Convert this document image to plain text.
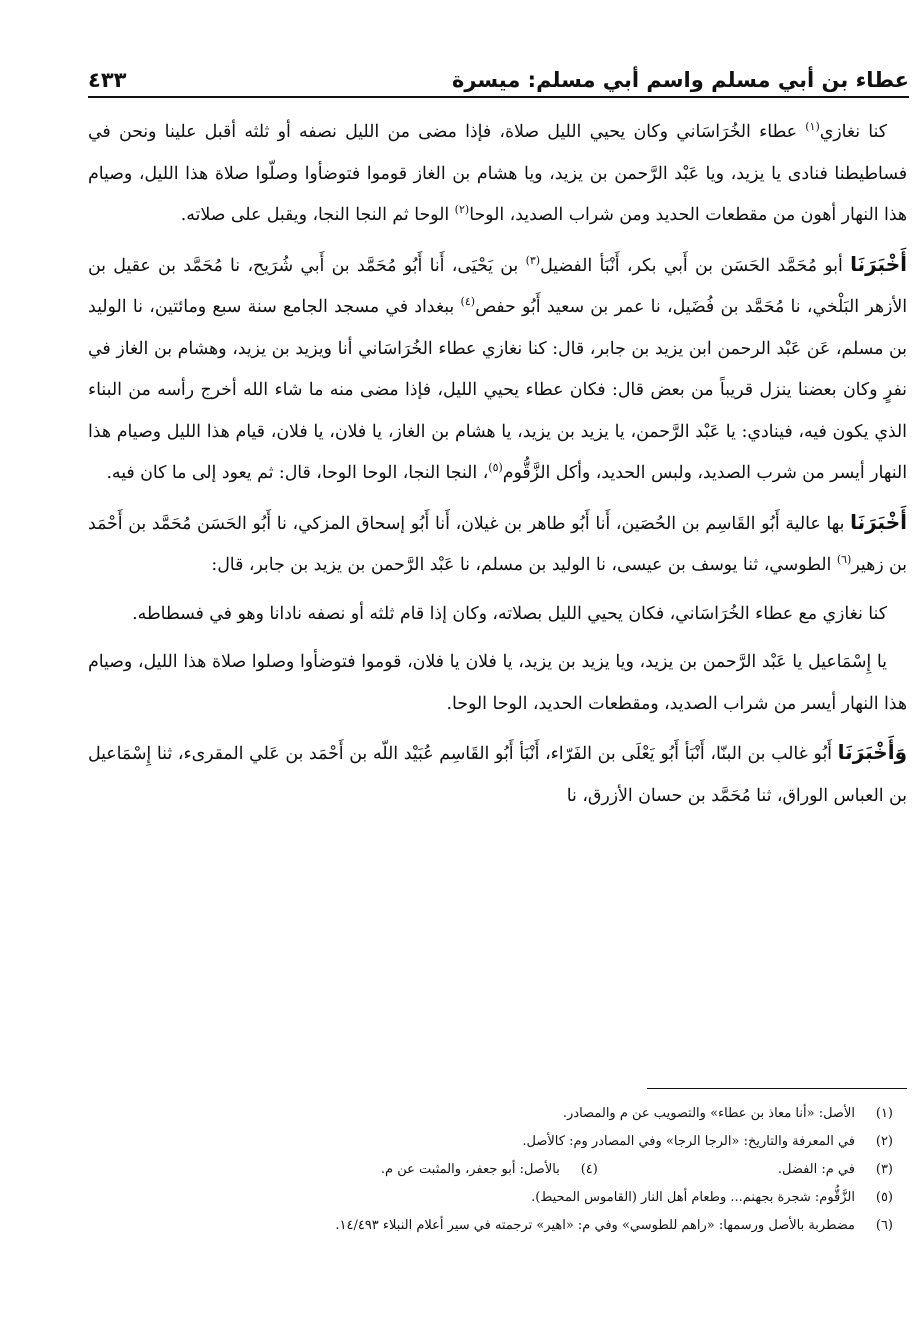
عطاء بن أبي مسلم واسم أبي مسلم: ميسرة
٤٣٣

كنا نغازي$^{(١)}$ عطاء الخُرَاسَاني وكان يحيي الليل صلاة، فإذا مضى من الليل نصفه أو ثلثه أقبل علينا ونحن في فساطيطنا فنادى يا يزيد، ويا عَبْد الرَّحمن بن يزيد، ويا هشام بن الغاز قوموا فتوضأوا وصلّوا صلاة هذا الليل، وصيام هذا النهار أهون من مقطعات الحديد ومن شراب الصديد، الوحا$^{(٢)}$ الوحا ثم النجا النجا، ويقبل على صلاته.

أَخْبَرَنَا أبو مُحَمَّد الحَسَن بن أَبي بكر، أَنْبَأ الفضيل$^{(٣)}$ بن يَحْيَى، أَنا أَبُو مُحَمَّد بن أَبي شُرَيح، نا مُحَمَّد بن عقيل بن الأزهر البَلْخي، نا مُحَمَّد بن فُضَيل، نا عمر بن سعيد أَبُو حفص$^{(٤)}$ ببغداد في مسجد الجامع سنة سبع ومائتين، نا الوليد بن مسلم، عَن عَبْد الرحمن ابن يزيد بن جابر، قال: كنا نغازي عطاء الخُرَاسَاني أنا ويزيد بن يزيد، وهشام بن الغاز في نفرٍ وكان بعضنا ينزل قريباً من بعض قال: فكان عطاء يحيي الليل، فإذا مضى منه ما شاء الله أخرج رأسه من البناء الذي يكون فيه، فينادي: يا عَبْد الرَّحمن، يا يزيد بن يزيد، يا هشام بن الغاز، يا فلان، يا فلان، قيام هذا الليل وصيام هذا النهار أيسر من شرب الصديد، ولبس الحديد، وأكل الزَّقُّوم$^{(٥)}$، النجا النجا، الوحا الوحا، قال: ثم يعود إلى ما كان فيه.

أَخْبَرَنَا بها عالية أَبُو القَاسِم بن الحُصَين، أَنا أَبُو طاهر بن غيلان، أَنا أَبُو إسحاق المزكي، نا أَبُو الحَسَن مُحَمَّد بن أَحْمَد بن زهير$^{(٦)}$ الطوسي، ثنا يوسف بن عيسى، نا الوليد بن مسلم، نا عَبْد الرَّحمن بن يزيد بن جابر، قال:

كنا نغازي مع عطاء الخُرَاسَاني، فكان يحيي الليل بصلاته، وكان إذا قام ثلثه أو نصفه نادانا وهو في فسطاطه.

يا إِسْمَاعيل يا عَبْد الرَّحمن بن يزيد، ويا يزيد بن يزيد، يا فلان يا فلان، قوموا فتوضأوا وصلوا صلاة هذا الليل، وصيام هذا النهار أيسر من شراب الصديد، ومقطعات الحديد، الوحا الوحا.

وَأَخْبَرَنَا أَبُو غالب بن البنّا، أَنْبَأ أَبُو يَعْلَى بن الفَرّاء، أَنْبَأ أَبُو القَاسِم عُبَيْد اللّه بن أَحْمَد بن عَلي المقرىء، ثنا إِسْمَاعيل بن العباس الوراق، ثنا مُحَمَّد بن حسان الأزرق، نا

(١)
الأصل: «أنا معاذ بن عطاء» والتصويب عن م والمصادر.
(٢)
في المعرفة والتاريخ: «الرجا الرجا» وفي المصادر وم: كالأصل.
(٣)
في م: الفضل.
(٤)
بالأصل: أبو جعفر، والمثبت عن م.
(٥)
الزَّقُّوم: شجرة بجهنم... وطعام أهل النار (القاموس المحيط).
(٦)
مضطربة بالأصل ورسمها: «راهم للطوسي» وفي م: «اهير» ترجمته في سير أعلام النبلاء ١٤/٤٩٣.
